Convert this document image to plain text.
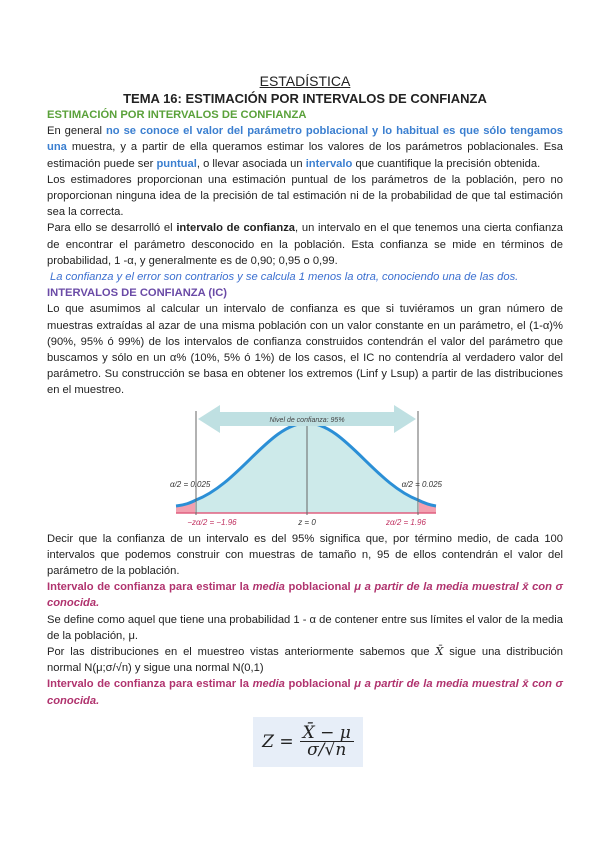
ESTADÍSTICA

TEMA 16: ESTIMACIÓN POR INTERVALOS DE CONFIANZA

ESTIMACIÓN POR INTERVALOS DE CONFIANZA

En general no se conoce el valor del parámetro poblacional y lo habitual es que sólo tengamos una muestra, y a partir de ella queramos estimar los valores de los parámetros poblacionales. Esa estimación puede ser puntual, o llevar asociada un intervalo que cuantifique la precisión obtenida.

Los estimadores proporcionan una estimación puntual de los parámetros de la población, pero no proporcionan ninguna idea de la precisión de tal estimación ni de la probabilidad de que tal estimación sea la correcta.

Para ello se desarrolló el intervalo de confianza, un intervalo en el que tenemos una cierta confianza de encontrar el parámetro desconocido en la población. Esta confianza se mide en términos de probabilidad, 1 -α, y generalmente es de 0,90; 0,95 o 0,99.

La confianza y el error son contrarios y se calcula 1 menos la otra, conociendo una de las dos.

INTERVALOS DE CONFIANZA (IC)

Lo que asumimos al calcular un intervalo de confianza es que si tuviéramos un gran número de muestras extraídas al azar de una misma población con un valor constante en un parámetro, el (1-α)% (90%, 95% ó 99%) de los intervalos de confianza construidos contendrán el valor del parámetro que buscamos y sólo en un α% (10%, 5% ó 1%) de los casos, el IC no contendría al verdadero valor del parámetro. Su construcción se basa en obtener los extremos (Linf y Lsup) a partir de las distribuciones en el muestreo.

Nivel de confianza: 95%
α/2 = 0.025	α/2 = 0.025
−zα/2 = −1.96	z = 0	zα/2 = 1.96

Decir que la confianza de un intervalo es del 95% significa que, por término medio, de cada 100 intervalos que podemos construir con muestras de tamaño n, 95 de ellos contendrán el valor del parámetro de la población.

Intervalo de confianza para estimar la media poblacional μ a partir de la media muestral x̄ con σ conocida.

Se define como aquel que tiene una probabilidad 1 - α de contener entre sus límites el valor de la media de la población, μ.

Por las distribuciones en el muestreo vistas anteriormente sabemos que X̄ sigue una distribución normal N(μ;σ/√n) y sigue una normal N(0,1)

Intervalo de confianza para estimar la media poblacional μ a partir de la media muestral x̄ con σ conocida.

$Z = \frac{X̄ - \mu}{\sigma/√n}$
